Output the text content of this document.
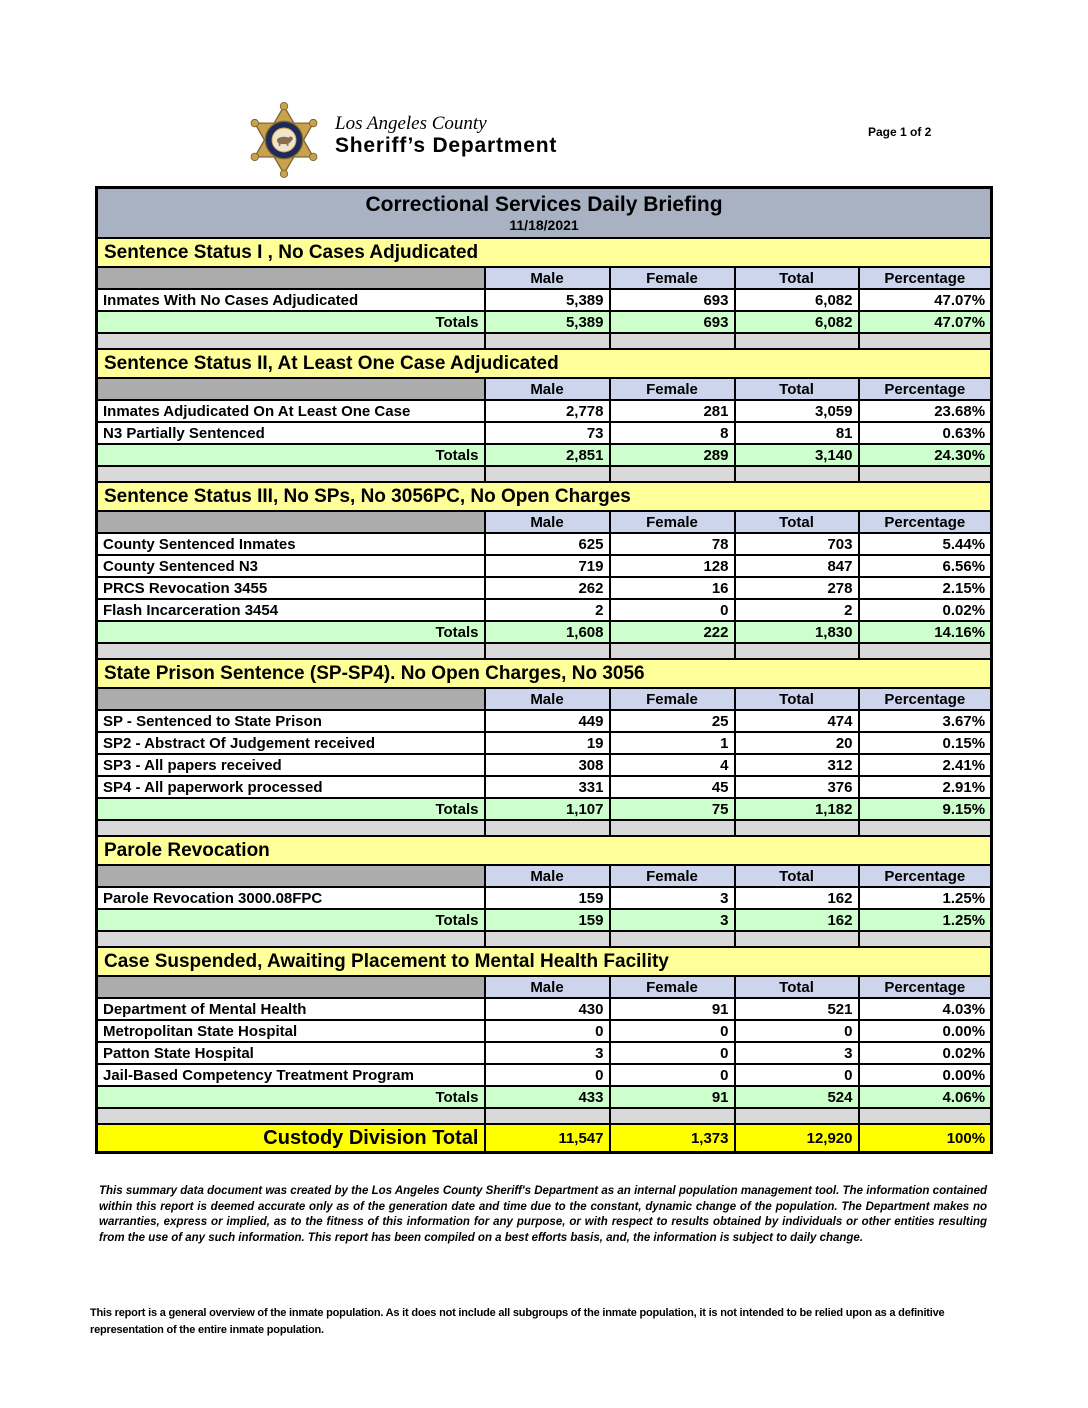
Los Angeles County
Sheriff’s Department
Page 1 of 2
Correctional Services Daily Briefing
11/18/2021				

Sentence Status I , No Cases Adjudicated				
	Male	Female	Total	Percentage
Inmates With No Cases Adjudicated	5,389	693	6,082	47.07%
Totals	5,389	693	6,082	47.07%

Sentence Status II, At Least One Case Adjudicated				
	Male	Female	Total	Percentage
Inmates Adjudicated On At Least One Case	2,778	281	3,059	23.68%
N3 Partially Sentenced	73	8	81	0.63%
Totals	2,851	289	3,140	24.30%

Sentence Status III, No SPs, No 3056PC, No Open Charges				
	Male	Female	Total	Percentage
County Sentenced Inmates	625	78	703	5.44%
County Sentenced N3	719	128	847	6.56%
PRCS Revocation 3455	262	16	278	2.15%
Flash Incarceration 3454	2	0	2	0.02%
Totals	1,608	222	1,830	14.16%

State Prison Sentence (SP-SP4). No Open Charges, No 3056				
	Male	Female	Total	Percentage
SP - Sentenced to State Prison	449	25	474	3.67%
SP2 - Abstract Of Judgement received	19	1	20	0.15%
SP3 - All papers received	308	4	312	2.41%
SP4 - All paperwork processed	331	45	376	2.91%
Totals	1,107	75	1,182	9.15%

Parole Revocation				
	Male	Female	Total	Percentage
Parole Revocation 3000.08FPC	159	3	162	1.25%
Totals	159	3	162	1.25%

Case Suspended, Awaiting Placement to Mental Health Facility				
	Male	Female	Total	Percentage
Department of Mental Health	430	91	521	4.03%
Metropolitan State Hospital	0	0	0	0.00%
Patton State Hospital	3	0	3	0.02%
Jail-Based Competency Treatment Program	0	0	0	0.00%
Totals	433	91	524	4.06%

Custody Division Total	11,547	1,373	12,920	100%
This summary data document was created by the Los Angeles County Sheriff's Department as an internal population management tool. The information contained within this report is deemed accurate only as of the generation date and time due to the constant, dynamic change of the population. The Department makes no warranties, express or implied, as to the fitness of this information for any purpose, or with respect to results obtained by individuals or other entities resulting from the use of any such information. This report has been compiled on a best efforts basis, and, the information is subject to daily change.
This report is a general overview of the inmate population. As it does not include all subgroups of the inmate population, it is not intended to be relied upon as a definitive representation of the entire inmate population.
